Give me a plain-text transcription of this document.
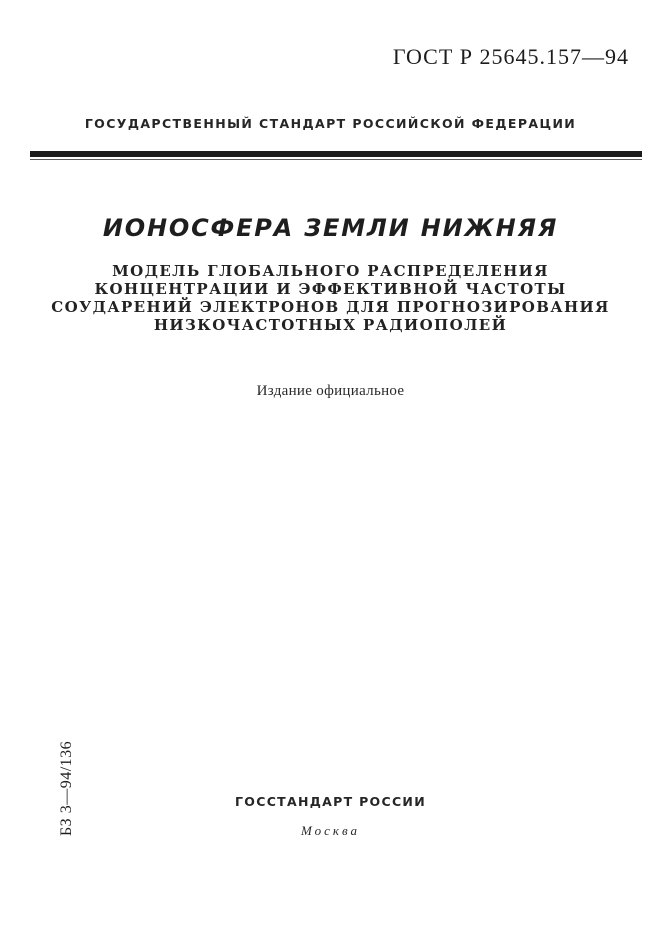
ГОСТ Р 25645.157—94
ГОСУДАРСТВЕННЫЙ СТАНДАРТ РОССИЙСКОЙ ФЕДЕРАЦИИ
ИОНОСФЕРА ЗЕМЛИ НИЖНЯЯ
МОДЕЛЬ ГЛОБАЛЬНОГО РАСПРЕДЕЛЕНИЯ
КОНЦЕНТРАЦИИ И ЭФФЕКТИВНОЙ ЧАСТОТЫ
СОУДАРЕНИЙ ЭЛЕКТРОНОВ ДЛЯ ПРОГНОЗИРОВАНИЯ
НИЗКОЧАСТОТНЫХ РАДИОПОЛЕЙ
Издание официальное
БЗ 3—94/136	ГОССТАНДАРТ РОССИИ
Москва
